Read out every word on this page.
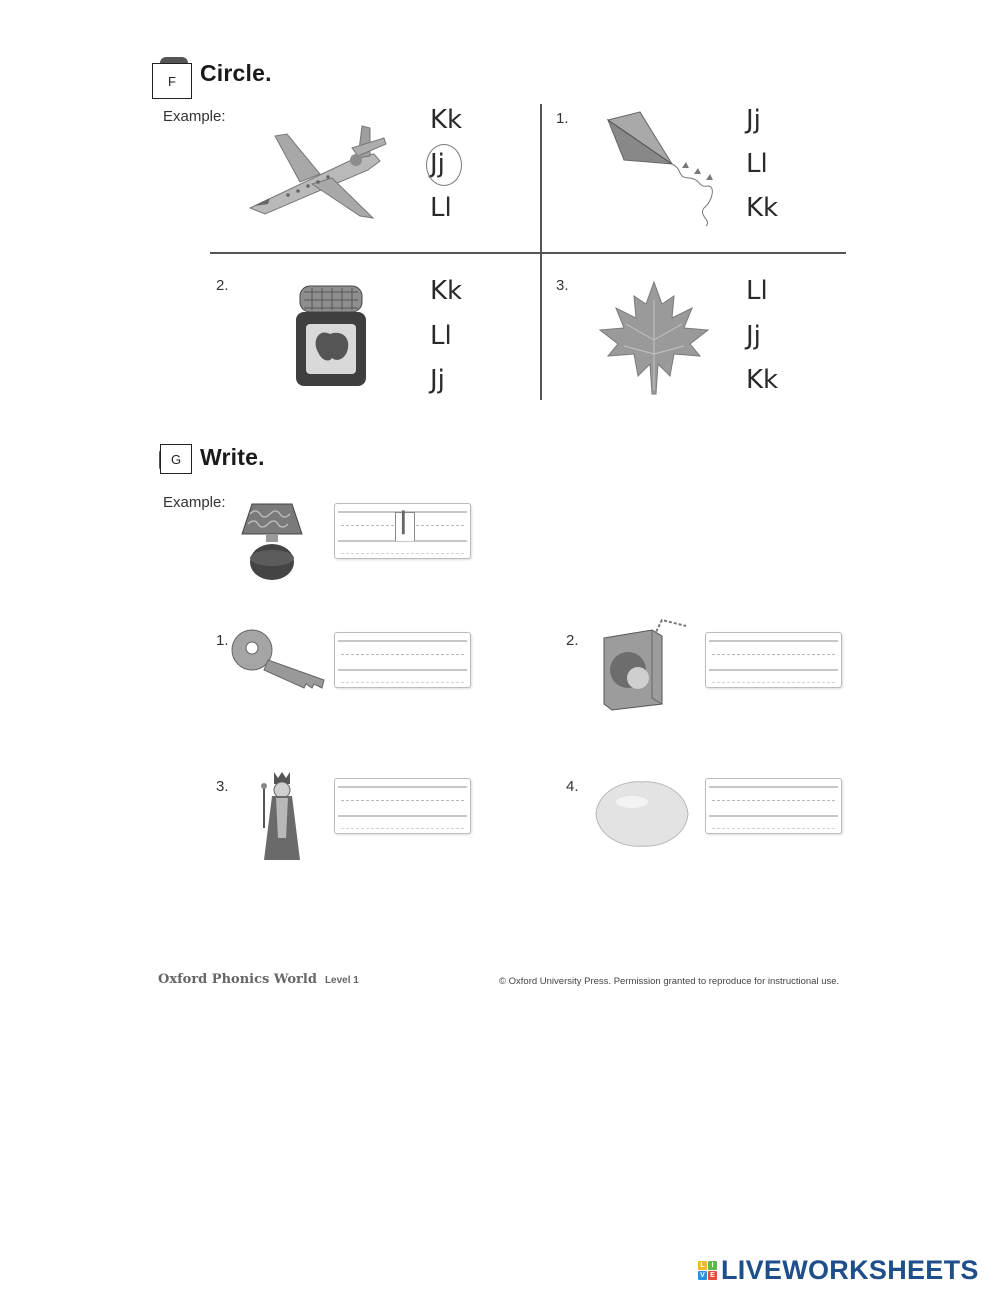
F Circle.
Example:	Kk
Jj
Ll
1.	Jj
Ll
Kk
2.	Kk
Ll
Jj
3.	Ll
Jj
Kk
G Write.
Example:
l
1.	2.
3.	4.
Oxford Phonics World Level 1	© Oxford University Press. Permission granted to reproduce for instructional use.
L I
V E LIVEWORKSHEETS
